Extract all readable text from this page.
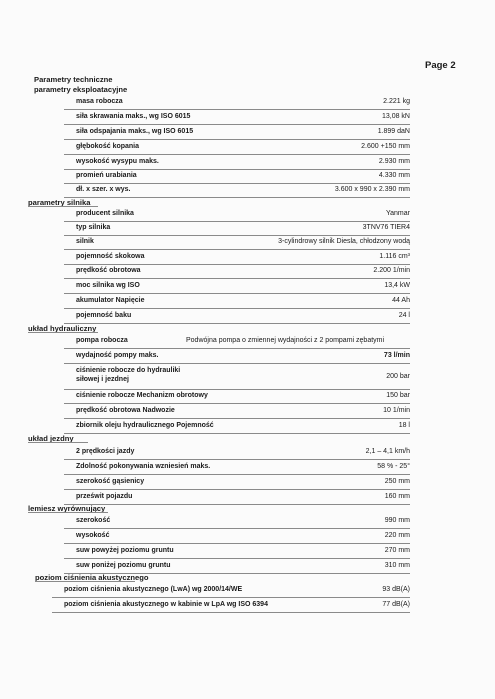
Page 2
Parametry techniczne
parametry eksploatacyjne
masa robocza	2.221 kg
siła skrawania maks., wg ISO 6015	13,08 kN
siła odspajania maks., wg ISO 6015	1.899 daN
głębokość kopania	2.600 +150 mm
wysokość wysypu maks.	2.930 mm
promień urabiania	4.330 mm
dł. x szer. x wys.	3.600 x 990 x 2.390 mm
parametry silnika
producent silnika	Yanmar
typ silnika	3TNV76 TIER4
silnik	3-cylindrowy silnik Diesla, chłodzony wodą
pojemność skokowa	1.116 cm³
prędkość obrotowa	2.200 1/min
moc silnika wg ISO	13,4 kW
akumulator Napięcie	44 Ah
pojemność baku	24 l
układ hydrauliczny
pompa robocza	Podwójna pompa o zmiennej wydajności z 2 pompami zębatymi
wydajność pompy maks.	73 l/min
ciśnienie robocze do hydrauliki siłowej i jezdnej	200 bar
ciśnienie robocze Mechanizm obrotowy	150 bar
prędkość obrotowa Nadwozie	10 1/min
zbiornik oleju hydraulicznego Pojemność	18 l
układ jezdny
2 prędkości jazdy	2,1 – 4,1 km/h
Zdolność pokonywania wzniesień maks.	58 % - 25°
szerokość gąsienicy	250 mm
prześwit pojazdu	160 mm
lemiesz wyrównujący
szerokość	990 mm
wysokość	220 mm
suw powyżej poziomu gruntu	270 mm
suw poniżej poziomu gruntu	310 mm
poziom ciśnienia akustycznego
poziom ciśnienia akustycznego (LwA) wg 2000/14/WE	93 dB(A)
poziom ciśnienia akustycznego w kabinie w LpA wg ISO 6394	77 dB(A)
